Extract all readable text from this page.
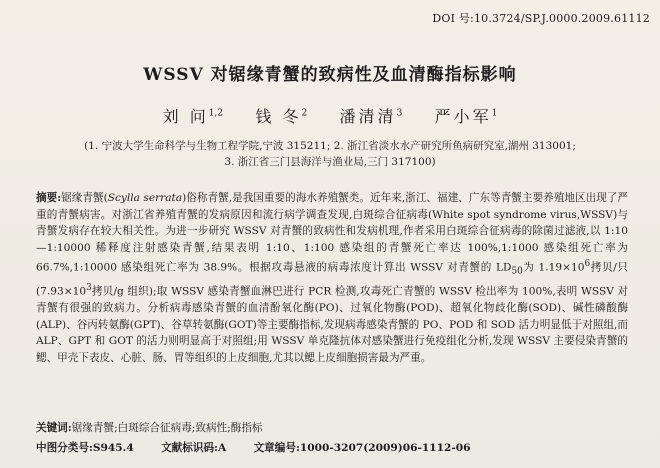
DOI 号:10.3724/SP.J.0000.2009.61112
WSSV 对锯缘青蟹的致病性及血清酶指标影响
刘 问$^{1,2}$ 钱 冬$^2$ 潘清清$^3$ 严小军$^1$
(1. 宁波大学生命科学与生物工程学院,宁波 315211; 2. 浙江省淡水水产研究所鱼病研究室,湖州 313001;
3. 浙江省三门县海洋与渔业局,三门 317100)
摘要:锯缘青蟹(Scylla serrata)俗称青蟹,是我国重要的海水养殖蟹类。近年来,浙江、福建、广东等青蟹主要养殖地区出现了严重的青蟹病害。对浙江省养殖青蟹的发病原因和流行病学调查发现,白斑综合征病毒(White spot syndrome virus,WSSV)与青蟹发病存在较大相关性。为进一步研究 WSSV 对青蟹的致病性和发病机理,作者采用白斑综合征病毒的除菌过滤液,以 1:10—1:10000 稀释度注射感染青蟹,结果表明 1:10、1:100 感染组的青蟹死亡率达 100%,1:1000 感染组死亡率为 66.7%,1:10000 感染组死亡率为 38.9%。根据攻毒悬液的病毒浓度计算出 WSSV 对青蟹的 $LD_{50}$为 $1.19\times 10^6$拷贝/只($7.93\times 10^3$拷贝/g 组织);取 WSSV 感染青蟹血淋巴进行 PCR 检测,攻毒死亡青蟹的 WSSV 检出率为 100%,表明 WSSV 对青蟹有很强的致病力。分析病毒感染青蟹的血清酚氧化酶(PO)、过氧化物酶(POD)、超氧化物歧化酶(SOD)、碱性磷酸酶(ALP)、谷丙转氨酶(GPT)、谷草转氨酶(GOT)等主要酶指标,发现病毒感染青蟹的 PO、POD 和 SOD 活力明显低于对照组,而 ALP、GPT 和 GOT 的活力则明显高于对照组;用 WSSV 单克隆抗体对感染蟹进行免疫组化分析,发现 WSSV 主要侵染青蟹的鳃、甲壳下表皮、心脏、肠、胃等组织的上皮细胞,尤其以鳃上皮细胞损害最为严重。
关键词:锯缘青蟹;白斑综合征病毒;致病性;酶指标
中图分类号:S945.4	文献标识码:A	文章编号:1000-3207(2009)06-1112-06
